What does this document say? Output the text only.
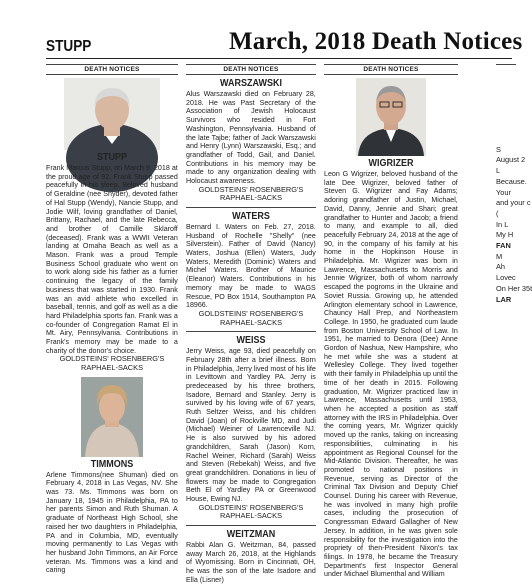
STUPP	March, 2018 Death Notices
DEATH NOTICES
STUPP

Frank Marcus Stupp, on March 9, 2018 at the proud age of 92. Frank Stupp passed peacefully in his sleep. Beloved husband of Geraldine (nee Snyder), devoted father of Hal Stupp (Wendy), Nancie Stupp, and Jodie Wilf, loving grandfather of Daniel, Brittany, Rachael, and the late Rebecca, and brother of Camille Sklaroff (deceased). Frank was a WWII Veteran landing at Omaha Beach as well as a Mason. Frank was a proud Temple Business School graduate who went on to work along side his father as a furrier continuing the legacy of the family business that was started in 1930. Frank was an avid athlete who excelled in baseball, tennis, and golf as well as a die hard Philadelphia sports fan. Frank was a co-founder of Congregation Ramat El in Mt. Airy, Pennsylvania. Contributions in Frank's memory may be made to a charity of the donor's choice.

GOLDSTEINS' ROSENBERG'S
RAPHAEL-SACKS

TIMMONS

Arlene Timmons(nee Shuman) died on February 4, 2018 in Las Vegas, NV. She was 73. Ms. Timmons was born on January 18, 1945 in Philadelphia, PA to her parents Simon and Ruth Shuman. A graduate of Northeast High School, she raised her two daughters in Philadelphia, PA and in Columbia, MD, eventually moving permanently to Las Vegas with her husband John Timmons, an Air Force veteran. Ms. Timmons was a kind and caring

DEATH NOTICES
WARSZAWSKI

Alus Warszawski died on February 28, 2018. He was Past Secretary of the Association of Jewish Holocaust Survivors who resided in Fort Washington, Pennsylvania. Husband of the late Tajbe; father of Jack Warszawski and Henry (Lynn) Warszawski, Esq.; and grandfather of Todd, Gail, and Daniel. Contributions in his memory may be made to any organization dealing with Holocaust awareness.

GOLDSTEINS' ROSENBERG'S
RAPHAEL-SACKS

WATERS

Bernard I. Waters on Feb. 27, 2018. Husband of Rochelle "Shelly" (nee Silverstein). Father of David (Nancy) Waters, Joshua (Ellen) Waters, Judy Waters, Meredith (Dominic) Waters and Michel Waters. Brother of Maurice (Eleanor) Waters. Contributions in his memory may be made to WAGS Rescue, PO Box 1514, Southampton PA 18966.

GOLDSTEINS' ROSENBERG'S
RAPHAEL-SACKS

WEISS

Jerry Weiss, age 93, died peacefully on February 28th after a brief illness. Born in Philadelphia, Jerry lived most of his life in Levittown and Yardley PA. Jerry is predeceased by his three brothers, Isadore, Bernard and Stanley. Jerry is survived by his loving wife of 67 years, Ruth Seltzer Weiss, and his children David (Joan) of Rockville MD, and Judi (Michael) Weiner of Lawrenceville NJ. He is also survived by his adored grandchildren, Sarah (Jason) Korn, Rachel Weiner, Richard (Sarah) Weiss and Steven (Rebekah) Weiss, and five great grandchildren. Donations in lieu of flowers may be made to Congregation Beth El of Yardley PA or Greenwood House, Ewing NJ.

GOLDSTEINS' ROSENBERG'S
RAPHAEL-SACKS

WEITZMAN

Rabbi Alan G. Weitzman, 84, passed away March 26, 2018, at the Highlands of Wyomissing. Born in Cincinnati, OH, he was the son of the late Isadore and Ella (Lisner)

DEATH NOTICES
WIGRIZER

Leon G Wigrizer, beloved husband of the late Dee Wigrizer, beloved father of Steven G. Wigrizer and Fay Adams; adoring grandfather of Justin, Michael, David, Danny, Jennie and Shari; great grandfather to Hunter and Jacob; a friend to many, and example to all, died peacefully February 24, 2018 at the age of 90, in the company of his family at his home in the Hopkinson House in Philadelphia. Mr. Wigrizer was born in Lawrence, Massachusetts to Morris and Jennie Wigrizer, both of whom narrowly escaped the pogroms in the Ukraine and Soviet Russia. Growing up, he attended Arlington elementary school in Lawrence, Chauncy Hall Prep, and Northeastern College. In 1950, he graduated cum laude from Boston University School of Law. In 1951, he married to Denora (Dee) Anne Gordon of Nashua, New Hampshire, who he met while she was a student at Wellesley College. They lived together with their family in Philadelphia up until the time of her death in 2015. Following graduation, Mr. Wigrizer practiced law in Lawrence, Massachusetts until 1953, when he accepted a position as staff attorney with the IRS in Philadelphia. Over the coming years, Mr. Wigrizer quickly moved up the ranks, taking on increasing responsibilities, culminating in his appointment as Regional Counsel for the Mid-Atlantic Division. Thereafter, he was promoted to national positions in Revenue, serving as Director of the Criminal Tax Division and Deputy Chief Counsel. During his career with Revenue, he was involved in many high profile cases, including the prosecution of Congressman Edward Gallagher of New Jersey. In addition, in he was given sole responsibility for the investigation into the propriety of then-President Nixon's tax filings. In 1978, he became the Treasury Department's first Inspector General under Michael Blumenthal and William

S
August 2
L
Because.
Your
and your c
(
In L
My H
FAN
M
Ah
Lovec
On Her 35t
LAR
